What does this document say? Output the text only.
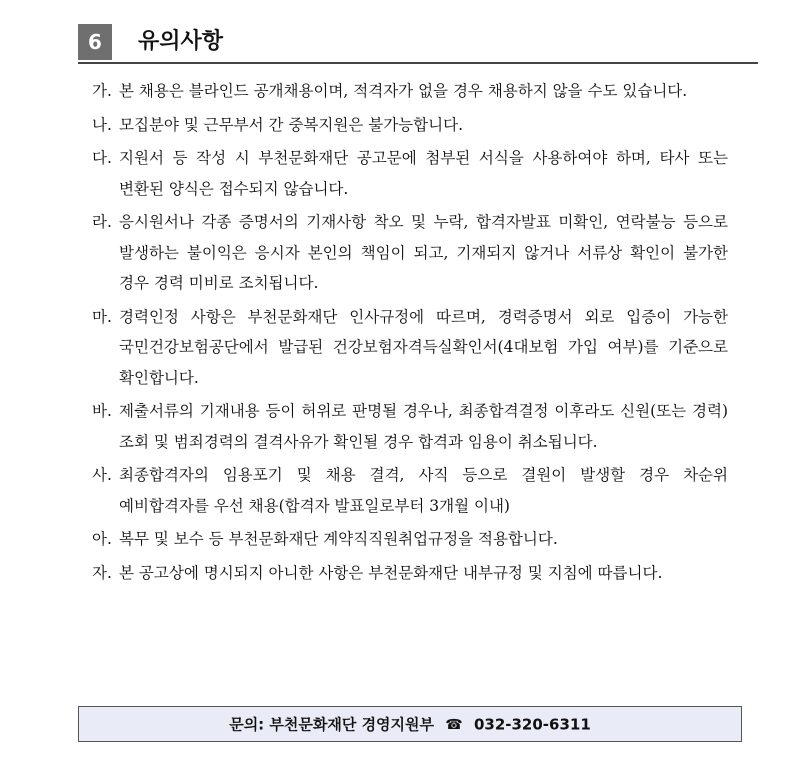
6	유의사항
가. 본 채용은 블라인드 공개채용이며, 적격자가 없을 경우 채용하지 않을 수도 있습니다.
나. 모집분야 및 근무부서 간 중복지원은 불가능합니다.
다. 지원서 등 작성 시 부천문화재단 공고문에 첨부된 서식을 사용하여야 하며, 타사 또는 변환된 양식은 접수되지 않습니다.
라. 응시원서나 각종 증명서의 기재사항 착오 및 누락, 합격자발표 미확인, 연락불능 등으로 발생하는 불이익은 응시자 본인의 책임이 되고, 기재되지 않거나 서류상 확인이 불가한 경우 경력 미비로 조치됩니다.
마. 경력인정 사항은 부천문화재단 인사규정에 따르며, 경력증명서 외로 입증이 가능한 국민건강보험공단에서 발급된 건강보험자격득실확인서(4대보험 가입 여부)를 기준으로 확인합니다.
바. 제출서류의 기재내용 등이 허위로 판명될 경우나, 최종합격결정 이후라도 신원(또는 경력)조회 및 범죄경력의 결격사유가 확인될 경우 합격과 임용이 취소됩니다.
사. 최종합격자의 임용포기 및 채용 결격, 사직 등으로 결원이 발생할 경우 차순위 예비합격자를 우선 채용(합격자 발표일로부터 3개월 이내)
아. 복무 및 보수 등 부천문화재단 계약직직원취업규정을 적용합니다.
자. 본 공고상에 명시되지 아니한 사항은 부천문화재단 내부규정 및 지침에 따릅니다.
문의: 부천문화재단 경영지원부 ☎ 032-320-6311
